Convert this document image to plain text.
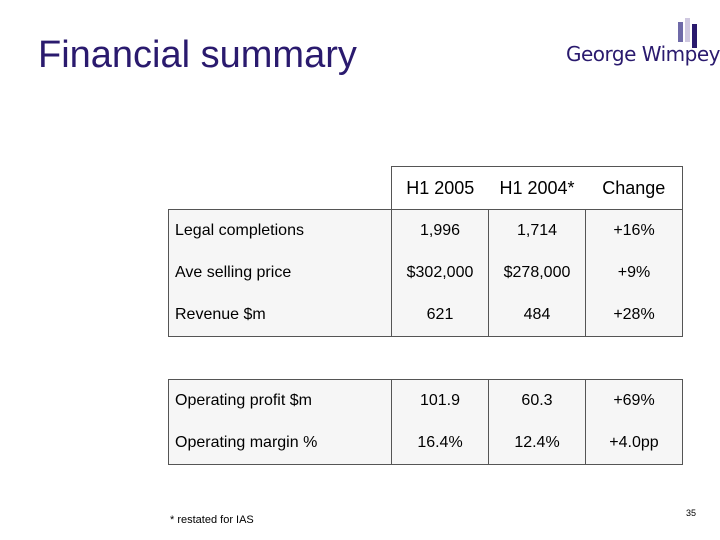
Financial summary	George Wimpey
	H1 2005	H1 2004*	Change
Legal completions	1,996	1,714	+16%
Ave selling price	$302,000	$278,000	+9%
Revenue $m	621	484	+28%

Operating profit $m	101.9	60.3	+69%
Operating margin %	16.4%	12.4%	+4.0pp
* restated for IAS
35
